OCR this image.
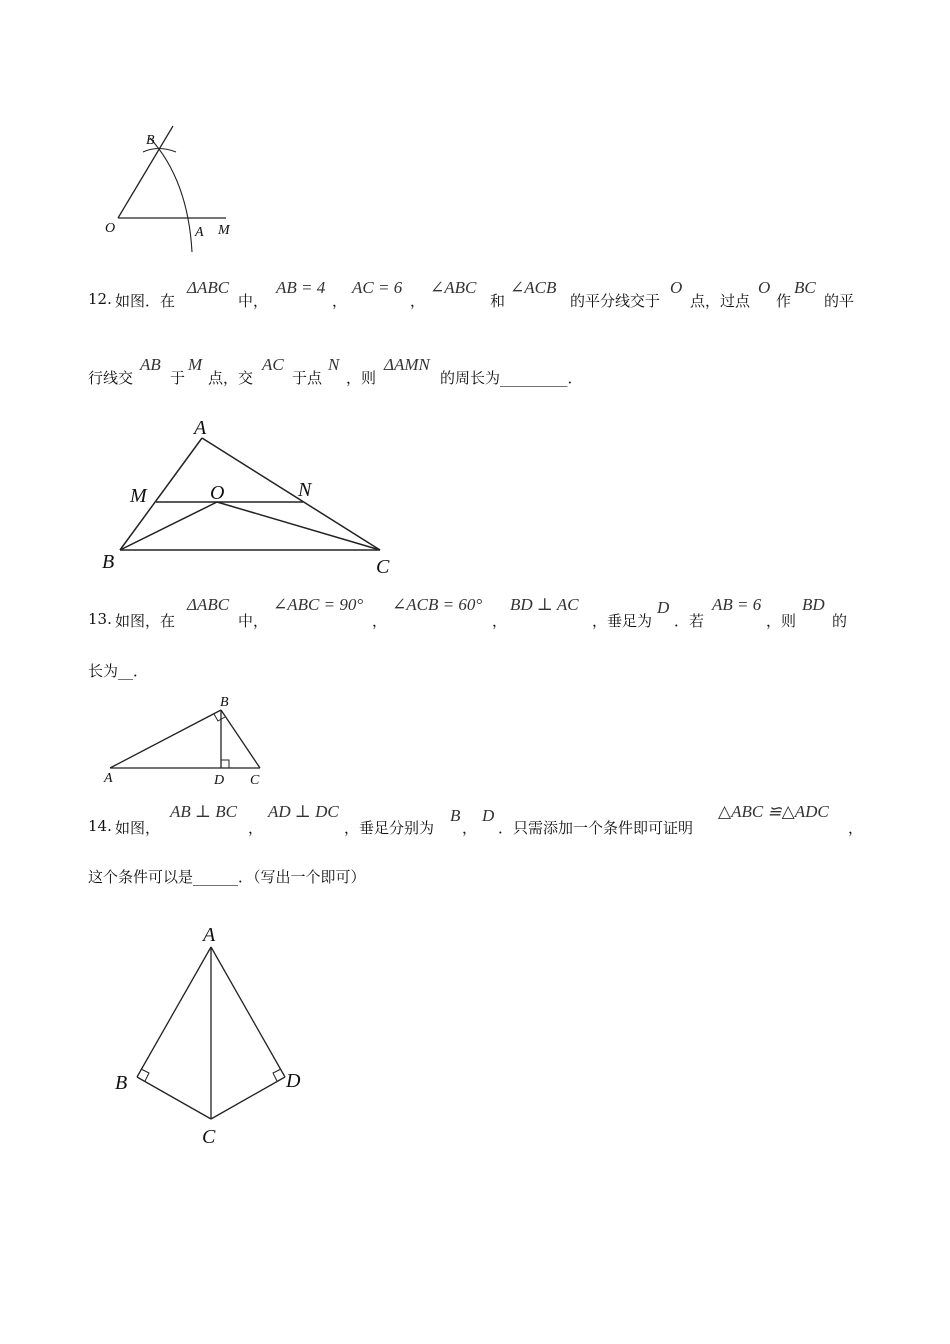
B
O	A M
12. 如图．在
ΔABC
中，
AB = 4
，
AC = 6
，
∠ABC
和
∠ACB
的平分线交于
O
点，过点
O
作
BC
的平
行线交
AB
于
M
点，交
AC
于点
N
，则
ΔAMN
的周长为_________．
A
M	O	N
B	C
13. 如图，在
ΔABC
中，
∠ABC = 90°
，
∠ACB = 60°
，
BD ⊥ AC
，垂足为
D
．若
AB = 6
，则
BD
的
长为__．
A
B
D C
14. 如图，
AB ⊥ BC
，
AD ⊥ DC
，垂足分别为
B
，
D
．只需添加一个条件即可证明
△ABC ≌△ADC
，
这个条件可以是______．（写出一个即可）
A
B	D
C
